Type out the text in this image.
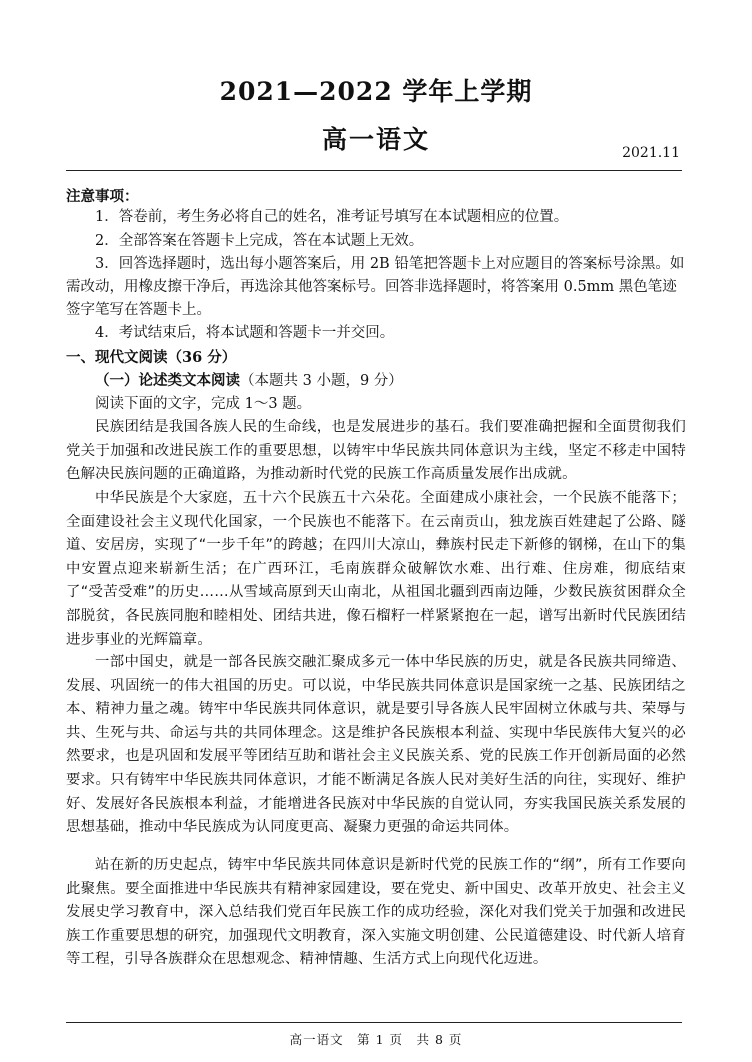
2021—2022 学年上学期
高一语文	2021.11
注意事项：
1．答卷前，考生务必将自己的姓名，准考证号填写在本试题相应的位置。
2．全部答案在答题卡上完成，答在本试题上无效。
3．回答选择题时，选出每小题答案后，用 2B 铅笔把答题卡上对应题目的答案标号涂黑。如需改动，用橡皮擦干净后，再选涂其他答案标号。回答非选择题时，将答案用 0.5mm 黑色笔迹签字笔写在答题卡上。
4．考试结束后，将本试题和答题卡一并交回。
一、现代文阅读（36 分）
（一）论述类文本阅读（本题共 3 小题，9 分）
阅读下面的文字，完成 1～3 题。
民族团结是我国各族人民的生命线，也是发展进步的基石。我们要准确把握和全面贯彻我们党关于加强和改进民族工作的重要思想，以铸牢中华民族共同体意识为主线，坚定不移走中国特色解决民族问题的正确道路，为推动新时代党的民族工作高质量发展作出成就。
中华民族是个大家庭，五十六个民族五十六朵花。全面建成小康社会，一个民族不能落下；全面建设社会主义现代化国家，一个民族也不能落下。在云南贡山，独龙族百姓建起了公路、隧道、安居房，实现了“一步千年”的跨越；在四川大凉山，彝族村民走下新修的钢梯，在山下的集中安置点迎来崭新生活；在广西环江，毛南族群众破解饮水难、出行难、住房难，彻底结束了“受苦受难”的历史……从雪域高原到天山南北，从祖国北疆到西南边陲，少数民族贫困群众全部脱贫，各民族同胞和睦相处、团结共进，像石榴籽一样紧紧抱在一起，谱写出新时代民族团结进步事业的光辉篇章。
一部中国史，就是一部各民族交融汇聚成多元一体中华民族的历史，就是各民族共同缔造、发展、巩固统一的伟大祖国的历史。可以说，中华民族共同体意识是国家统一之基、民族团结之本、精神力量之魂。铸牢中华民族共同体意识，就是要引导各族人民牢固树立休戚与共、荣辱与共、生死与共、命运与共的共同体理念。这是维护各民族根本利益、实现中华民族伟大复兴的必然要求，也是巩固和发展平等团结互助和谐社会主义民族关系、党的民族工作开创新局面的必然要求。只有铸牢中华民族共同体意识，才能不断满足各族人民对美好生活的向往，实现好、维护好、发展好各民族根本利益，才能增进各民族对中华民族的自觉认同，夯实我国民族关系发展的思想基础，推动中华民族成为认同度更高、凝聚力更强的命运共同体。
站在新的历史起点，铸牢中华民族共同体意识是新时代党的民族工作的“纲”，所有工作要向此聚焦。要全面推进中华民族共有精神家园建设，要在党史、新中国史、改革开放史、社会主义发展史学习教育中，深入总结我们党百年民族工作的成功经验，深化对我们党关于加强和改进民族工作重要思想的研究，加强现代文明教育，深入实施文明创建、公民道德建设、时代新人培育等工程，引导各族群众在思想观念、精神情趣、生活方式上向现代化迈进。
高一语文　第 1 页　共 8 页
